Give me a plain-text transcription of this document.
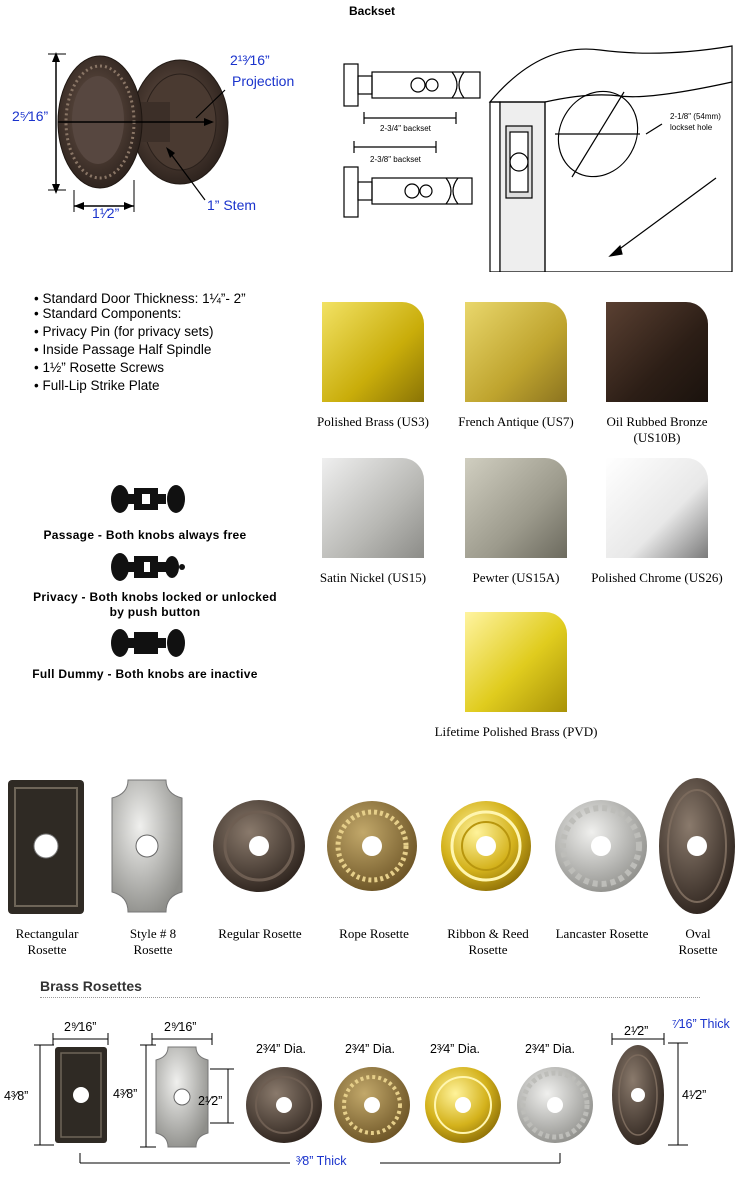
Backset
2⁵⁄16”
2¹³⁄16”
Projection
1¹⁄2”	1” Stem
2-3/4" backset
2-3/8" backset
2-1/8" (54mm)
lockset hole
• Standard Door Thickness: 1¼”- 2”
• Standard Components:
• Privacy Pin (for privacy sets)
• Inside Passage Half Spindle
• 1½” Rosette Screws
• Full-Lip Strike Plate
Polished Brass (US3)	French Antique (US7)	Oil Rubbed Bronze (US10B)
Satin Nickel (US15)	Pewter (US15A)	Polished Chrome (US26)
Lifetime Polished Brass (PVD)
Passage - Both knobs always free
Privacy - Both knobs locked or unlocked
by push button
Full Dummy - Both knobs are inactive
Rectangular
Rosette
Style # 8
Rosette
Regular Rosette	Rope Rosette	Ribbon & Reed
Rosette
Lancaster Rosette	Oval
Rosette
Brass Rosettes
2⁹⁄16”
4³⁄8”
2⁹⁄16”
4³⁄8”	2¹⁄2”
2³⁄4” Dia.	2³⁄4” Dia.	2³⁄4” Dia.	2³⁄4” Dia.
2¹⁄2”
4¹⁄2”
⁷⁄16” Thick
³⁄8” Thick
